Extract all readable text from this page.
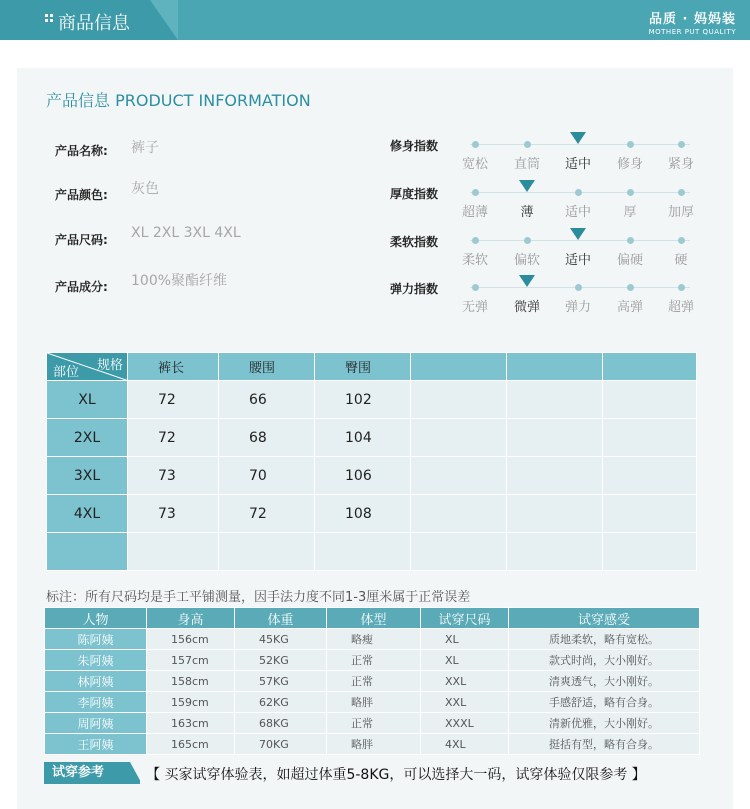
商品信息	品质 · 妈妈装
MOTHER PUT QUALITY
产品信息 PRODUCT INFORMATION
产品名称: 裤子
产品颜色: 灰色
产品尺码: XL 2XL 3XL 4XL
产品成分: 100%聚酯纤维
修身指数
宽松	直筒	适中	修身	紧身
厚度指数
超薄	薄	适中	厚	加厚
柔软指数
柔软	偏软	适中	偏硬	硬
弹力指数
无弹	微弹	弹力	高弹	超弹
规格
部位	裤长	腰围	臀围			
XL	72	66	102			
2XL	72	68	104			
3XL	73	70	106			
4XL	73	72	108			

标注：所有尺码均是手工平铺测量，因手法力度不同1-3厘米属于正常误差
人物	身高	体重	体型	试穿尺码	试穿感受
陈阿姨	156cm	45KG	略瘦	XL	质地柔软，略有宽松。
朱阿姨	157cm	52KG	正常	XL	款式时尚，大小刚好。
林阿姨	158cm	57KG	正常	XXL	清爽透气，大小刚好。
李阿姨	159cm	62KG	略胖	XXL	手感舒适，略有合身。
周阿姨	163cm	68KG	正常	XXXL	清新优雅，大小刚好。
王阿姨	165cm	70KG	略胖	4XL	挺括有型，略有合身。
试穿参考	【 买家试穿体验表，如超过体重5-8KG，可以选择大一码，试穿体验仅限参考 】
